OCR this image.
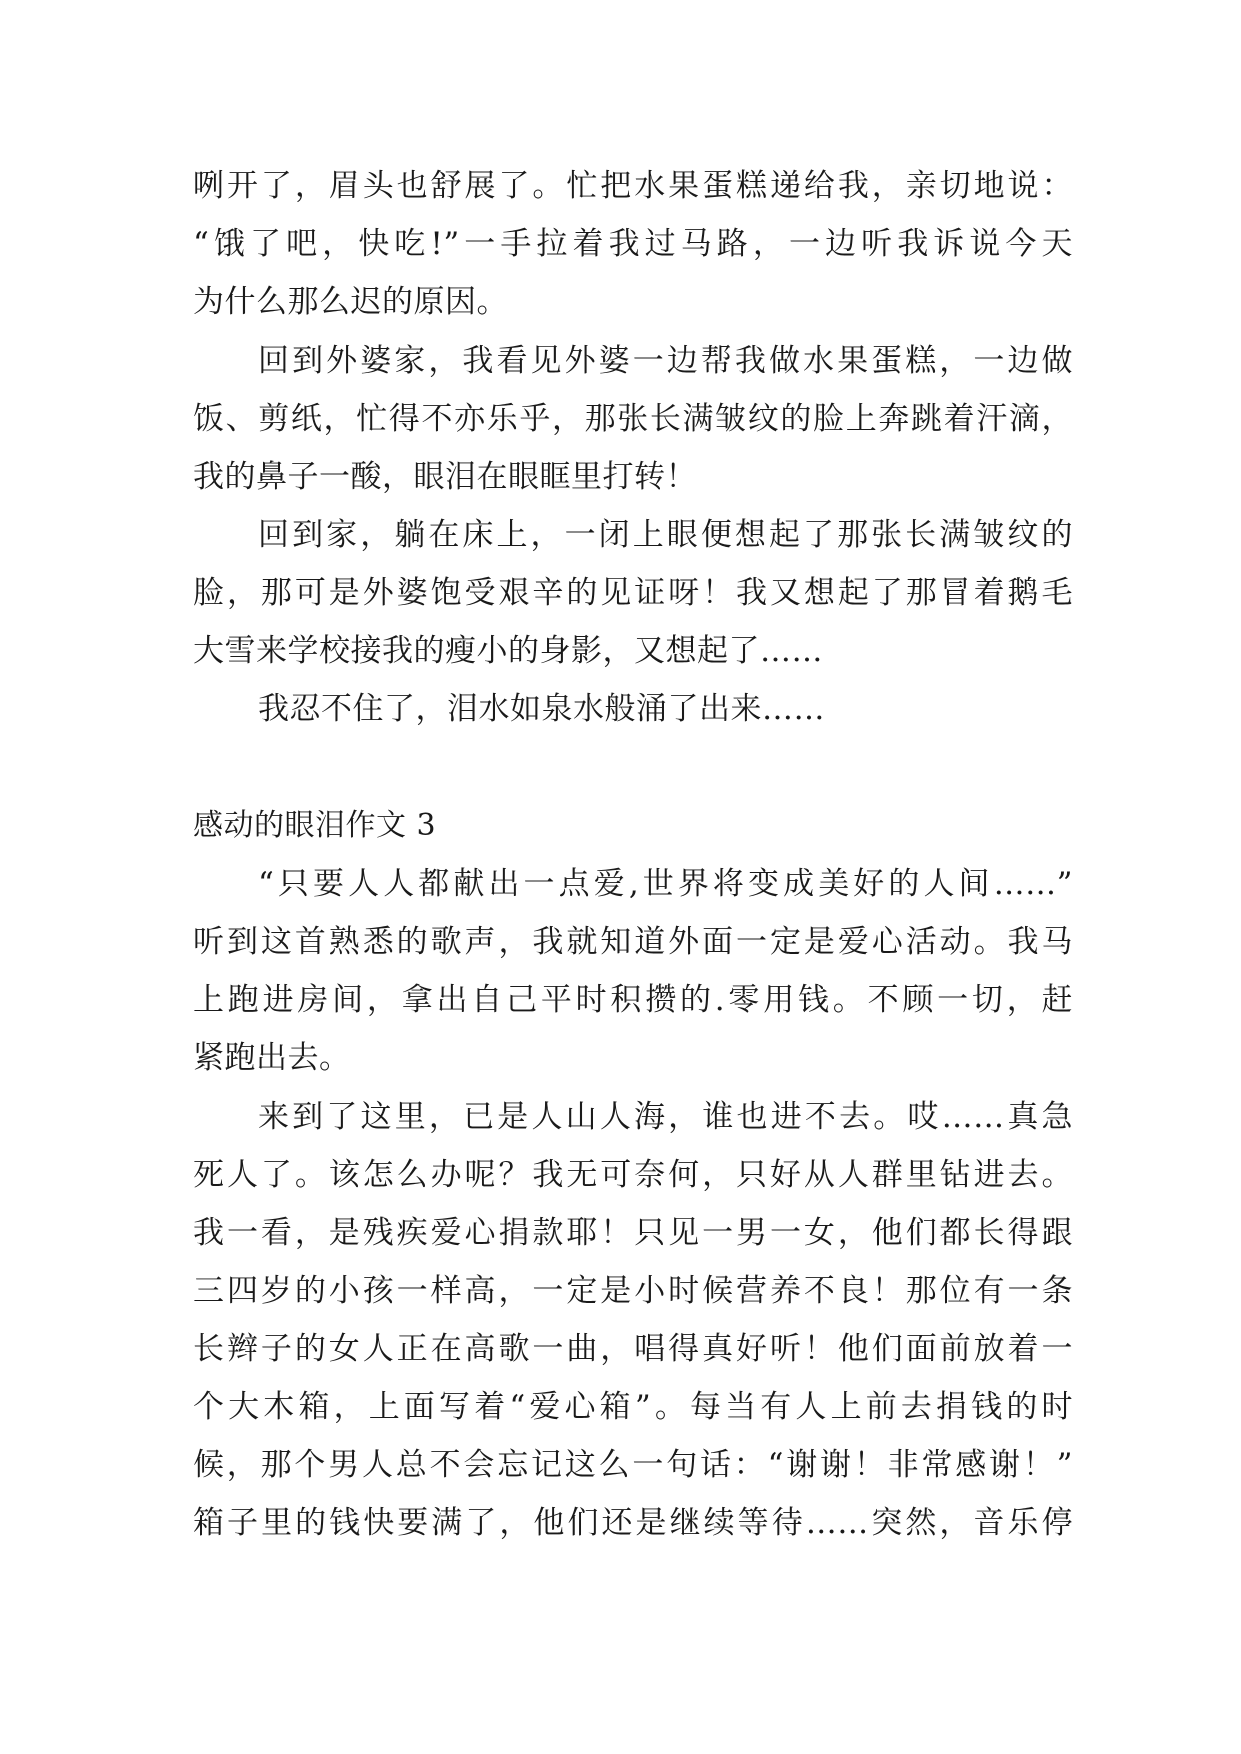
咧开了，眉头也舒展了。忙把水果蛋糕递给我，亲切地说：
“饿了吧，快吃!”一手拉着我过马路，一边听我诉说今天
为什么那么迟的原因。
回到外婆家，我看见外婆一边帮我做水果蛋糕，一边做
饭、剪纸，忙得不亦乐乎，那张长满皱纹的脸上奔跳着汗滴，
我的鼻子一酸，眼泪在眼眶里打转！
回到家，躺在床上，一闭上眼便想起了那张长满皱纹的
脸，那可是外婆饱受艰辛的见证呀！我又想起了那冒着鹅毛
大雪来学校接我的瘦小的身影，又想起了……
我忍不住了，泪水如泉水般涌了出来……
感动的眼泪作文 3
“只要人人都献出一点爱,世界将变成美好的人间……”
听到这首熟悉的歌声，我就知道外面一定是爱心活动。我马
上跑进房间，拿出自己平时积攒的.零用钱。不顾一切，赶
紧跑出去。
来到了这里，已是人山人海，谁也进不去。哎……真急
死人了。该怎么办呢？我无可奈何，只好从人群里钻进去。
我一看，是残疾爱心捐款耶！只见一男一女，他们都长得跟
三四岁的小孩一样高，一定是小时候营养不良！那位有一条
长辫子的女人正在高歌一曲，唱得真好听！他们面前放着一
个大木箱，上面写着“爱心箱”。每当有人上前去捐钱的时
候，那个男人总不会忘记这么一句话：“谢谢！非常感谢！”
箱子里的钱快要满了，他们还是继续等待……突然，音乐停
